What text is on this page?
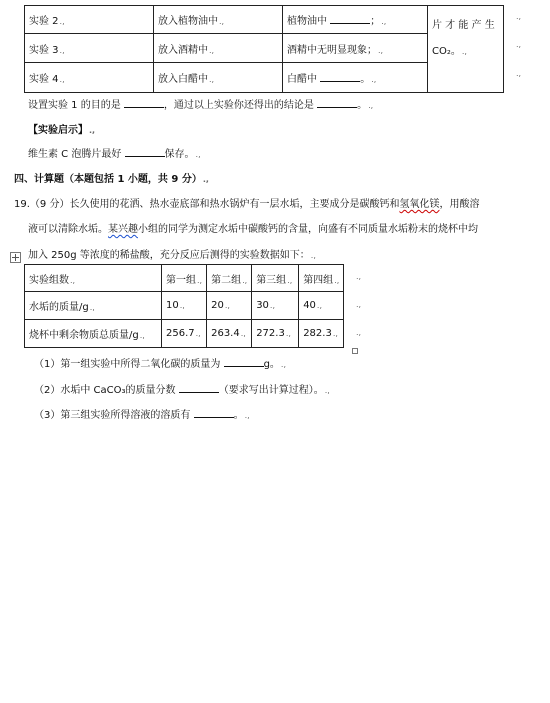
实验 2.,	放入植物油中.,	植物油中 ；.,	片 才 能 产 生
CO₂。.,

实验 3.,	放入酒精中.,	酒精中无明显现象；.,	
实验 4.,	放入白醋中.,	白醋中 。.,	
.,
.,
.,
设置实验 1 的目的是	，通过以上实验你还得出的结论是	。.,
【实验启示】.,
维生素 C 泡腾片最好	保存。.,
四、计算题（本题包括 1 小题，共 9 分）.,
19.（9 分）长久使用的花洒、热水壶底部和热水锅炉有一层水垢，主要成分是碳酸钙和氢氧化镁，用酸溶
液可以清除水垢。某兴趣小组的同学为测定水垢中碳酸钙的含量，向盛有不同质量水垢粉末的烧杯中均
加入 250g 等浓度的稀盐酸，充分反应后测得的实验数据如下：.,
实验组数.,	第一组.,	第二组.,	第三组.,	第四组.,
水垢的质量/g.,	10.,	20.,	30.,	40.,
烧杯中剩余物质总质量/g.,	256.7.,	263.4.,	272.3.,	282.3.,
.,
.,
.,
（1）第一组实验中所得二氧化碳的质量为	g。.,
（2）水垢中 CaCO₃的质量分数	（要求写出计算过程）。.,
（3）第三组实验所得溶液的溶质有	。.,
